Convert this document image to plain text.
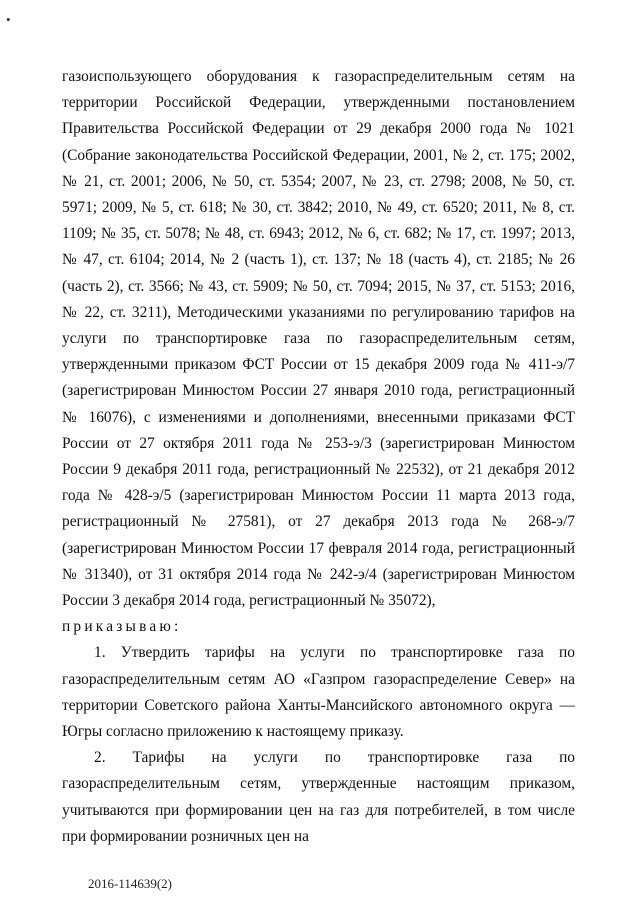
•

газоиспользующего оборудования к газораспределительным сетям на территории Российской Федерации, утвержденными постановлением Правительства Российской Федерации от 29 декабря 2000 года № 1021 (Собрание законодательства Российской Федерации, 2001, № 2, ст. 175; 2002, № 21, ст. 2001; 2006, № 50, ст. 5354; 2007, № 23, ст. 2798; 2008, № 50, ст. 5971; 2009, № 5, ст. 618; № 30, ст. 3842; 2010, № 49, ст. 6520; 2011, № 8, ст. 1109; № 35, ст. 5078; № 48, ст. 6943; 2012, № 6, ст. 682; № 17, ст. 1997; 2013, № 47, ст. 6104; 2014, № 2 (часть 1), ст. 137; № 18 (часть 4), ст. 2185; № 26 (часть 2), ст. 3566; № 43, ст. 5909; № 50, ст. 7094; 2015, № 37, ст. 5153; 2016, № 22, ст. 3211), Методическими указаниями по регулированию тарифов на услуги по транспортировке газа по газораспределительным сетям, утвержденными приказом ФСТ России от 15 декабря 2009 года № 411-э/7 (зарегистрирован Минюстом России 27 января 2010 года, регистрационный № 16076), с изменениями и дополнениями, внесенными приказами ФСТ России от 27 октября 2011 года № 253-э/3 (зарегистрирован Минюстом России 9 декабря 2011 года, регистрационный № 22532), от 21 декабря 2012 года № 428-э/5 (зарегистрирован Минюстом России 11 марта 2013 года, регистрационный № 27581), от 27 декабря 2013 года № 268-э/7 (зарегистрирован Минюстом России 17 февраля 2014 года, регистрационный № 31340), от 31 октября 2014 года № 242-э/4 (зарегистрирован Минюстом России 3 декабря 2014 года, регистрационный № 35072),

приказываю:

1. Утвердить тарифы на услуги по транспортировке газа по газораспределительным сетям АО «Газпром газораспределение Север» на территории Советского района Ханты-Мансийского автономного округа — Югры согласно приложению к настоящему приказу.

2. Тарифы на услуги по транспортировке газа по газораспределительным сетям, утвержденные настоящим приказом, учитываются при формировании цен на газ для потребителей, в том числе при формировании розничных цен на

2016-114639(2)
